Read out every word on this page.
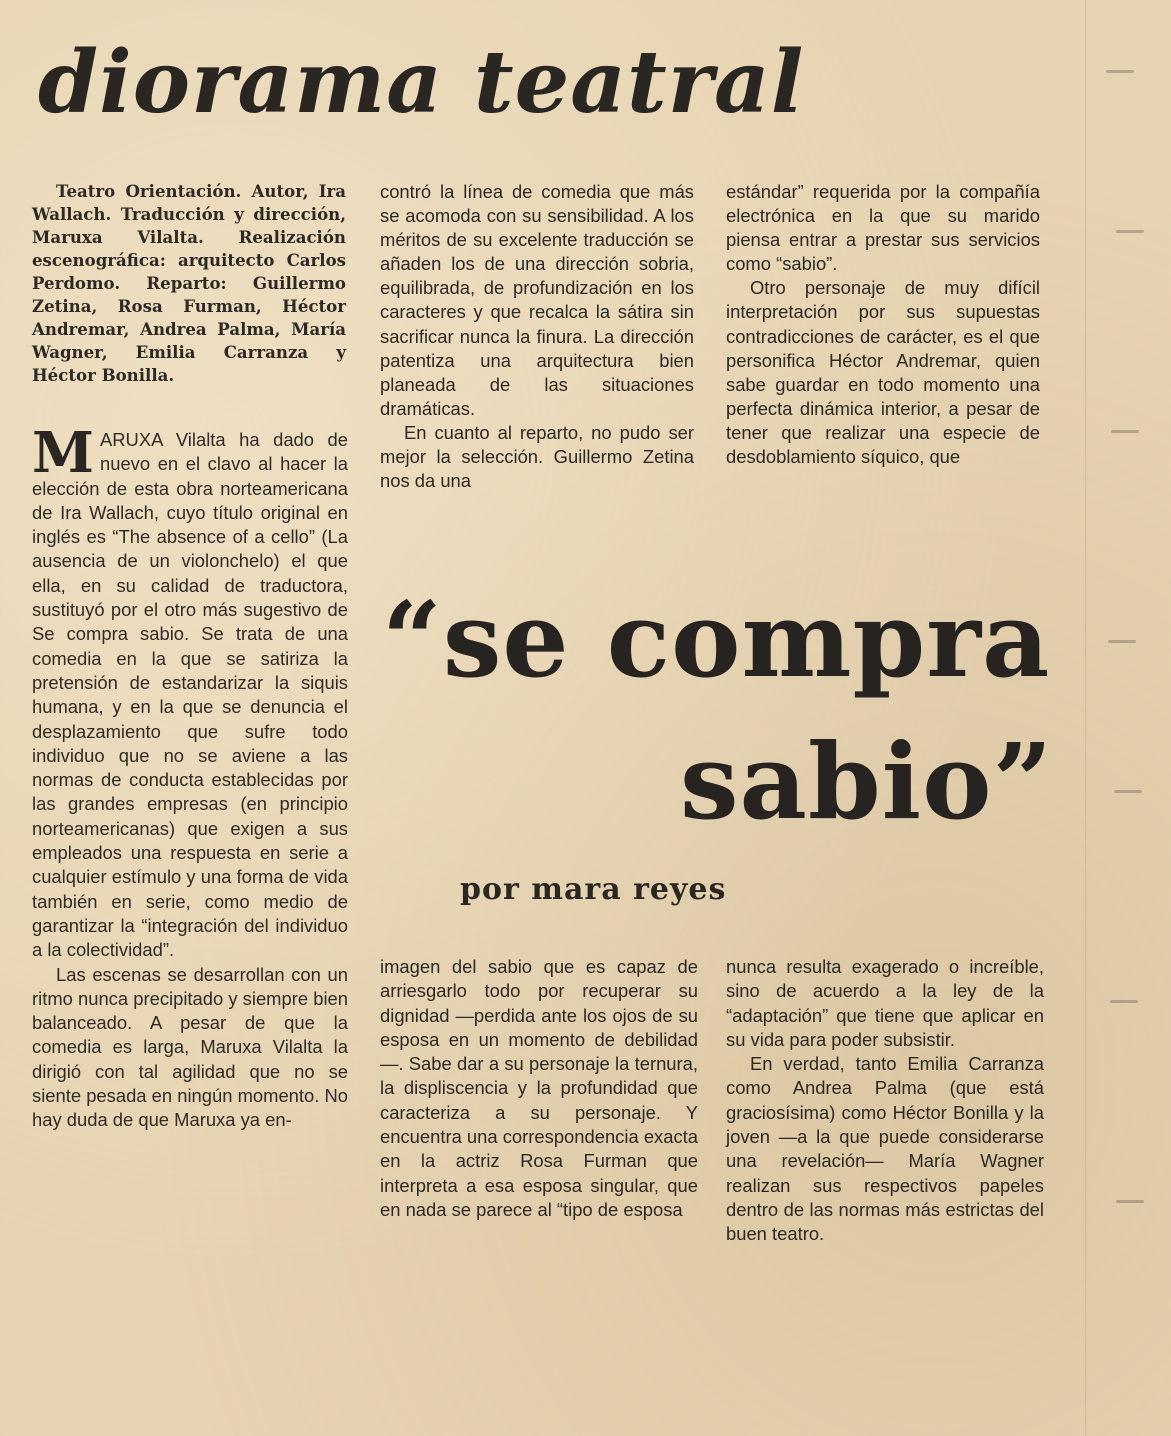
diorama teatral

Teatro Orientación. Autor, Ira Wallach. Traducción y dirección, Maruxa Vilalta. Realización escenográfica: arquitecto Carlos Perdomo. Reparto: Guillermo Zetina, Rosa Furman, Héctor Andremar, Andrea Palma, María Wagner, Emilia Carranza y Héctor Bonilla.

M ARUXA Vilalta ha dado de nuevo en el clavo al hacer la elección de esta obra norteamericana de Ira Wallach, cuyo título original en inglés es “The absence of a cello” (La ausencia de un violonchelo) el que ella, en su calidad de traductora, sustituyó por el otro más sugestivo de Se compra sabio. Se trata de una comedia en la que se satiriza la pretensión de estandarizar la siquis humana, y en la que se denuncia el desplazamiento que sufre todo individuo que no se aviene a las normas de conducta establecidas por las grandes empresas (en principio norteamericanas) que exigen a sus empleados una respuesta en serie a cualquier estímulo y una forma de vida también en serie, como medio de garantizar la “integración del individuo a la colectividad”.

Las escenas se desarrollan con un ritmo nunca precipitado y siempre bien balanceado. A pesar de que la comedia es larga, Maruxa Vilalta la dirigió con tal agilidad que no se siente pesada en ningún momento. No hay duda de que Maruxa ya en-

contró la línea de comedia que más se acomoda con su sensibilidad. A los méritos de su excelente traducción se añaden los de una dirección sobria, equilibrada, de profundización en los caracteres y que recalca la sátira sin sacrificar nunca la finura. La dirección patentiza una arquitectura bien planeada de las situaciones dramáticas.

En cuanto al reparto, no pudo ser mejor la selección. Guillermo Zetina nos da una

estándar” requerida por la compañía electrónica en la que su marido piensa entrar a prestar sus servicios como “sabio”.

Otro personaje de muy difícil interpretación por sus supuestas contradicciones de carácter, es el que personifica Héctor Andremar, quien sabe guardar en todo momento una perfecta dinámica interior, a pesar de tener que realizar una especie de desdoblamiento síquico, que

“se compra
sabio”
por mara reyes

imagen del sabio que es capaz de arriesgarlo todo por recuperar su dignidad —perdida ante los ojos de su esposa en un momento de debilidad—. Sabe dar a su personaje la ternura, la displiscencia y la profundidad que caracteriza a su personaje. Y encuentra una correspondencia exacta en la actriz Rosa Furman que interpreta a esa esposa singular, que en nada se parece al “tipo de esposa

nunca resulta exagerado o increíble, sino de acuerdo a la ley de la “adaptación” que tiene que aplicar en su vida para poder subsistir.

En verdad, tanto Emilia Carranza como Andrea Palma (que está graciosísima) como Héctor Bonilla y la joven —a la que puede considerarse una revelación— María Wagner realizan sus respectivos papeles dentro de las normas más estrictas del buen teatro.
